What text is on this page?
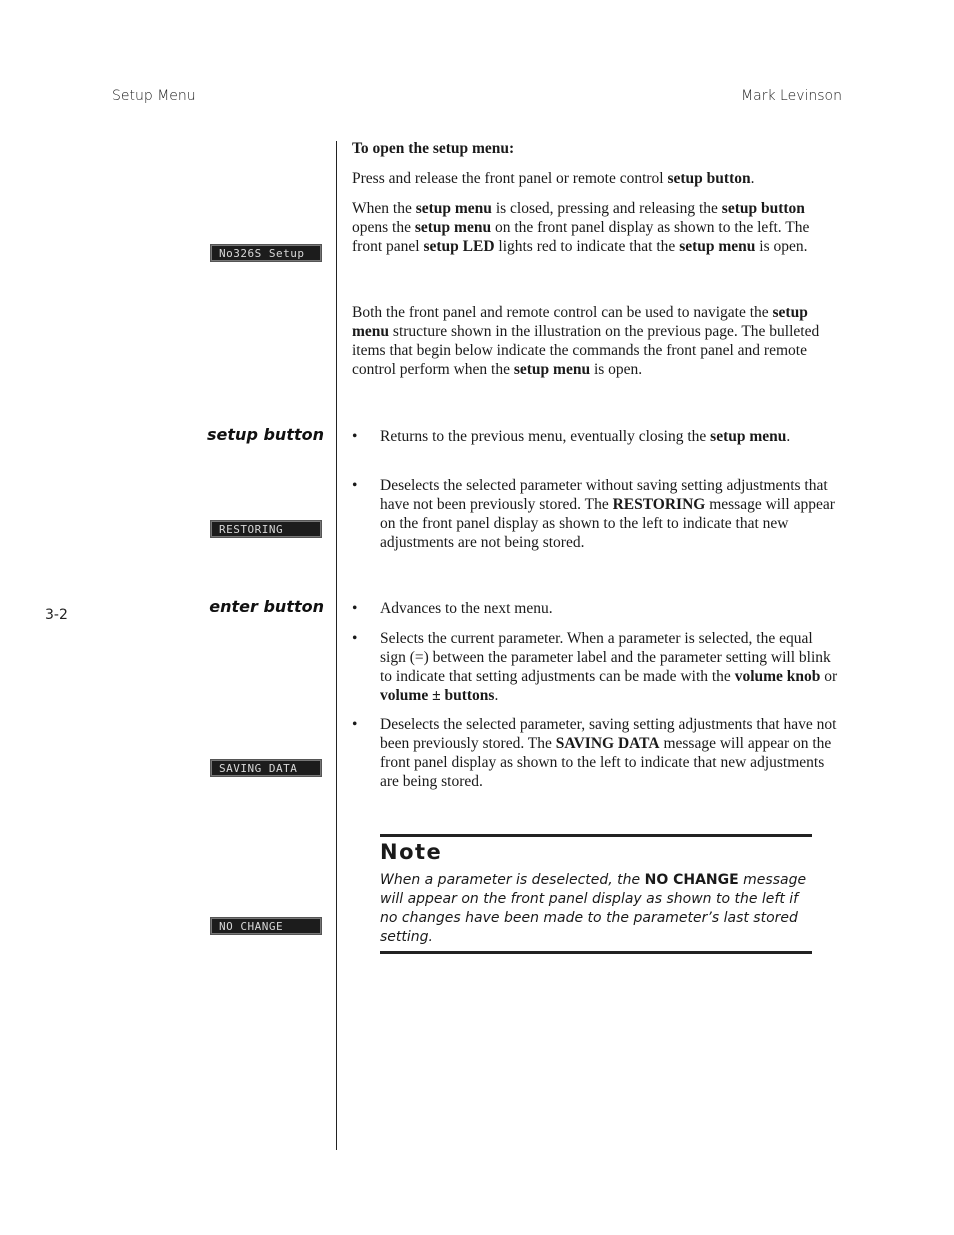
Setup Menu	Mark Levinson
3-2
No326S Setup
RESTORING
SAVING DATA
NO CHANGE
setup button
enter button
To open the setup menu:
Press and release the front panel or remote control setup button.
When the setup menu is closed, pressing and releasing the setup button opens the setup menu on the front panel display as shown to the left. The front panel setup LED lights red to indicate that the setup menu is open.
Both the front panel and remote control can be used to navigate the setup menu structure shown in the illustration on the previous page. The bulleted items that begin below indicate the commands the front panel and remote control perform when the setup menu is open.
• Returns to the previous menu, eventually closing the setup menu.
• Deselects the selected parameter without saving setting adjustments that have not been previously stored. The RESTORING message will appear on the front panel display as shown to the left to indicate that new adjustments are not being stored.
• Advances to the next menu.
• Selects the current parameter. When a parameter is selected, the equal sign (=) between the parameter label and the parameter setting will blink to indicate that setting adjustments can be made with the volume knob or volume ± buttons.
• Deselects the selected parameter, saving setting adjustments that have not been previously stored. The SAVING DATA message will appear on the front panel display as shown to the left to indicate that new adjustments are being stored.
Note
When a parameter is deselected, the NO CHANGE message will appear on the front panel display as shown to the left if no changes have been made to the parameter’s last stored setting.
